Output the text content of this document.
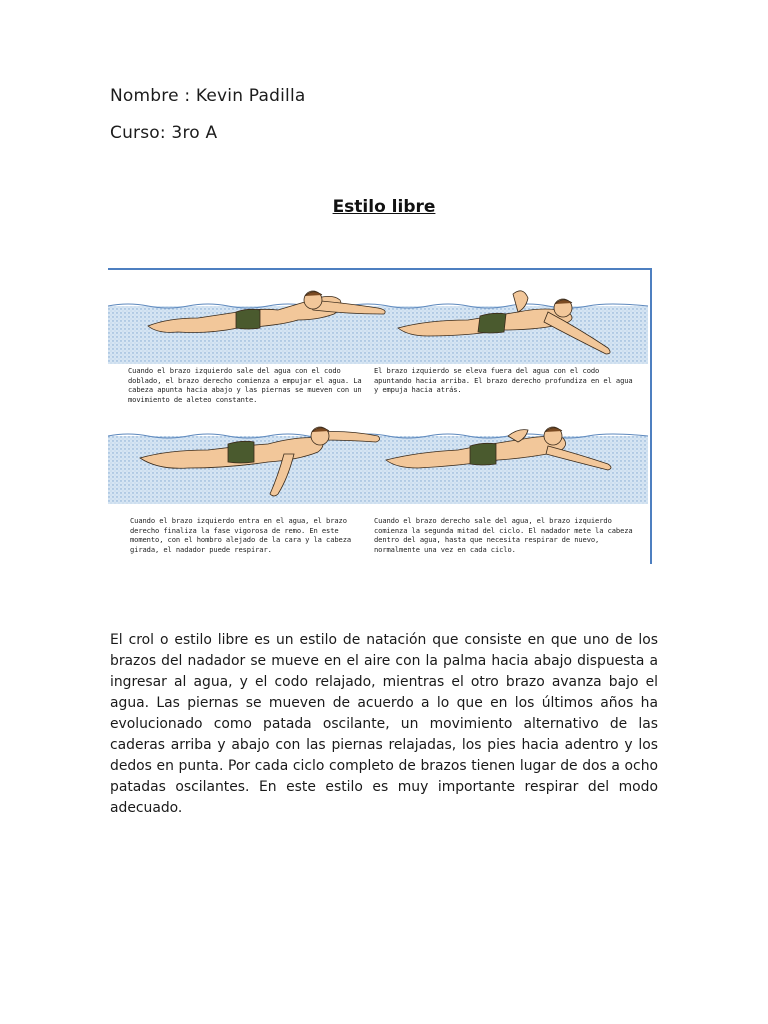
Nombre : Kevin Padilla
Curso: 3ro A
Estilo libre
Cuando el brazo izquierdo sale del agua con el codo doblado, el brazo derecho comienza a empujar el agua. La cabeza apunta hacia abajo y las piernas se mueven con un movimiento de aleteo constante.
El brazo izquierdo se eleva fuera del agua con el codo apuntando hacia arriba. El brazo derecho profundiza en el agua y empuja hacia atrás.
Cuando el brazo izquierdo entra en el agua, el brazo derecho finaliza la fase vigorosa de remo. En este momento, con el hombro alejado de la cara y la cabeza girada, el nadador puede respirar.
Cuando el brazo derecho sale del agua, el brazo izquierdo comienza la segunda mitad del ciclo. El nadador mete la cabeza dentro del agua, hasta que necesita respirar de nuevo, normalmente una vez en cada ciclo.

El crol o estilo libre es un estilo de natación que consiste en que uno de los brazos del nadador se mueve en el aire con la palma hacia abajo dispuesta a ingresar al agua, y el codo relajado, mientras el otro brazo avanza bajo el agua. Las piernas se mueven de acuerdo a lo que en los últimos años ha evolucionado como patada oscilante, un movimiento alternativo de las caderas arriba y abajo con las piernas relajadas, los pies hacia adentro y los dedos en punta. Por cada ciclo completo de brazos tienen lugar de dos a ocho patadas oscilantes. En este estilo es muy importante respirar del modo adecuado.
